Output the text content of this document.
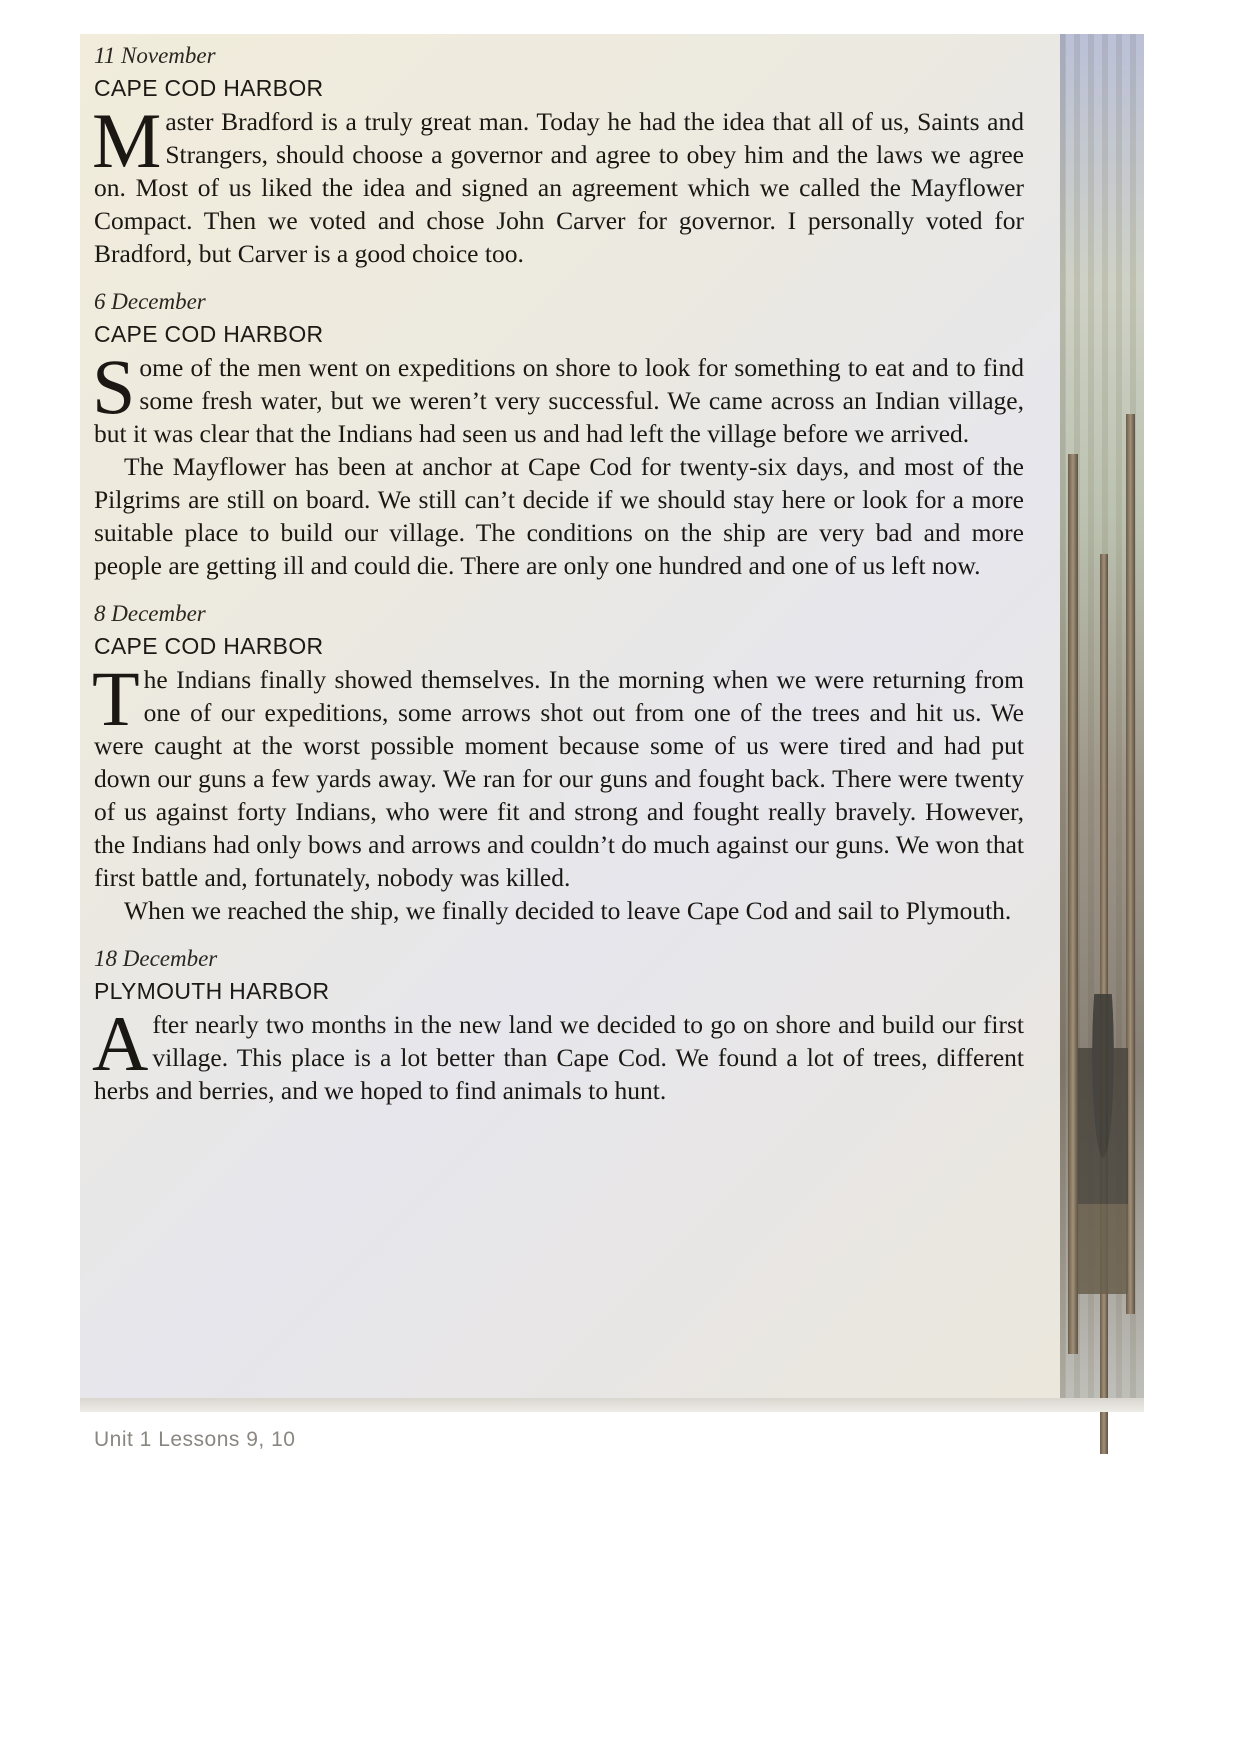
11 November
CAPE COD HARBOR

Master Bradford is a truly great man. Today he had the idea that all of us, Saints and Strangers, should choose a governor and agree to obey him and the laws we agree on. Most of us liked the idea and signed an agreement which we called the Mayflower Compact. Then we voted and chose John Carver for governor. I personally voted for Bradford, but Carver is a good choice too.

6 December
CAPE COD HARBOR

Some of the men went on expeditions on shore to look for something to eat and to find some fresh water, but we weren’t very successful. We came across an Indian village, but it was clear that the Indians had seen us and had left the village before we arrived.

The Mayflower has been at anchor at Cape Cod for twenty-six days, and most of the Pilgrims are still on board. We still can’t decide if we should stay here or look for a more suitable place to build our village. The conditions on the ship are very bad and more people are getting ill and could die. There are only one hundred and one of us left now.

8 December
CAPE COD HARBOR

The Indians finally showed themselves. In the morning when we were returning from one of our expeditions, some arrows shot out from one of the trees and hit us. We were caught at the worst possible moment because some of us were tired and had put down our guns a few yards away. We ran for our guns and fought back. There were twenty of us against forty Indians, who were fit and strong and fought really bravely. However, the Indians had only bows and arrows and couldn’t do much against our guns. We won that first battle and, fortunately, nobody was killed.

When we reached the ship, we finally decided to leave Cape Cod and sail to Plymouth.

18 December
PLYMOUTH HARBOR

After nearly two months in the new land we decided to go on shore and build our first village. This place is a lot better than Cape Cod. We found a lot of trees, different herbs and berries, and we hoped to find animals to hunt.

Unit 1 Lessons 9, 10
